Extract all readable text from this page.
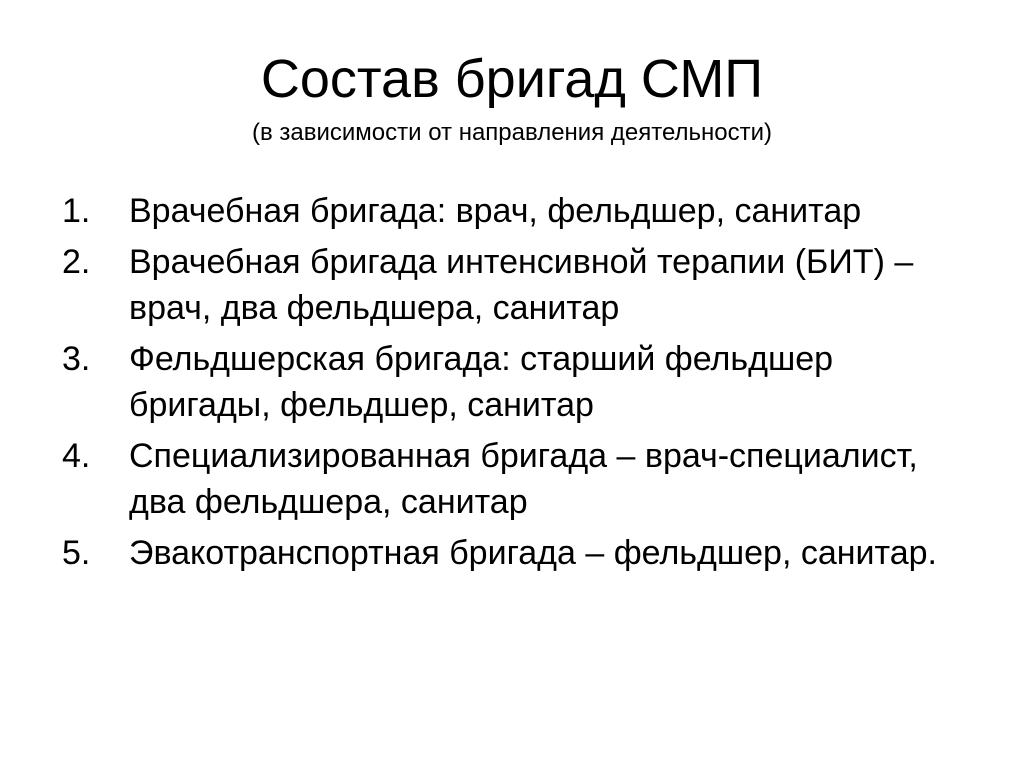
Состав бригад СМП

(в зависимости от направления деятельности)

1.	Врачебная бригада: врач, фельдшер, санитар
2.	Врачебная бригада интенсивной терапии (БИТ) – врач, два фельдшера, санитар
3.	Фельдшерская бригада: старший фельдшер бригады, фельдшер, санитар
4.	Специализированная бригада – врач-специалист, два фельдшера, санитар
5.	Эвакотранспортная бригада – фельдшер, санитар.
